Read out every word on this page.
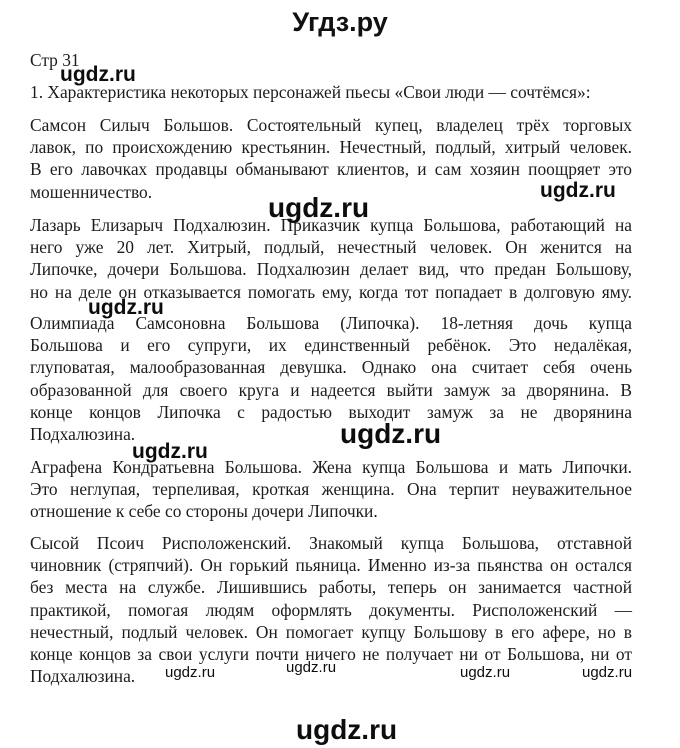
Угдз.ру
Стр 31
1. Характеристика некоторых персонажей пьесы «Свои люди — сочтёмся»:
Самсон Силыч Большов. Состоятельный купец, владелец трёх торговых
лавок, по происхождению крестьянин. Нечестный, подлый, хитрый человек.
В его лавочках продавцы обманывают клиентов, и сам хозяин поощряет это
мошенничество.
Лазарь Елизарыч Подхалюзин. Приказчик купца Большова, работающий на
него уже 20 лет. Хитрый, подлый, нечестный человек. Он женится на
Липочке, дочери Большова. Подхалюзин делает вид, что предан Большову,
но на деле он отказывается помогать ему, когда тот попадает в долговую яму.
Олимпиада Самсоновна Большова (Липочка). 18-летняя дочь купца
Большова и его супруги, их единственный ребёнок. Это недалёкая,
глуповатая, малообразованная девушка. Однако она считает себя очень
образованной для своего круга и надеется выйти замуж за дворянина. В
конце концов Липочка с радостью выходит замуж за не дворянина
Подхалюзина.
Аграфена Кондратьевна Большова. Жена купца Большова и мать Липочки.
Это неглупая, терпеливая, кроткая женщина. Она терпит неуважительное
отношение к себе со стороны дочери Липочки.
Сысой Псоич Рисположенский. Знакомый купца Большова, отставной
чиновник (стряпчий). Он горький пьяница. Именно из-за пьянства он остался
без места на службе. Лишившись работы, теперь он занимается частной
практикой, помогая людям оформлять документы. Рисположенский —
нечестный, подлый человек. Он помогает купцу Большову в его афере, но в
конце концов за свои услуги почти ничего не получает ни от Большова, ни от
Подхалюзина.
ugdz.ru
ugdz.ru
ugdz.ru
ugdz.ru
ugdz.ru
ugdz.ru
ugdz.ru	ugdz.ru	ugdz.ru	ugdz.ru
ugdz.ru
